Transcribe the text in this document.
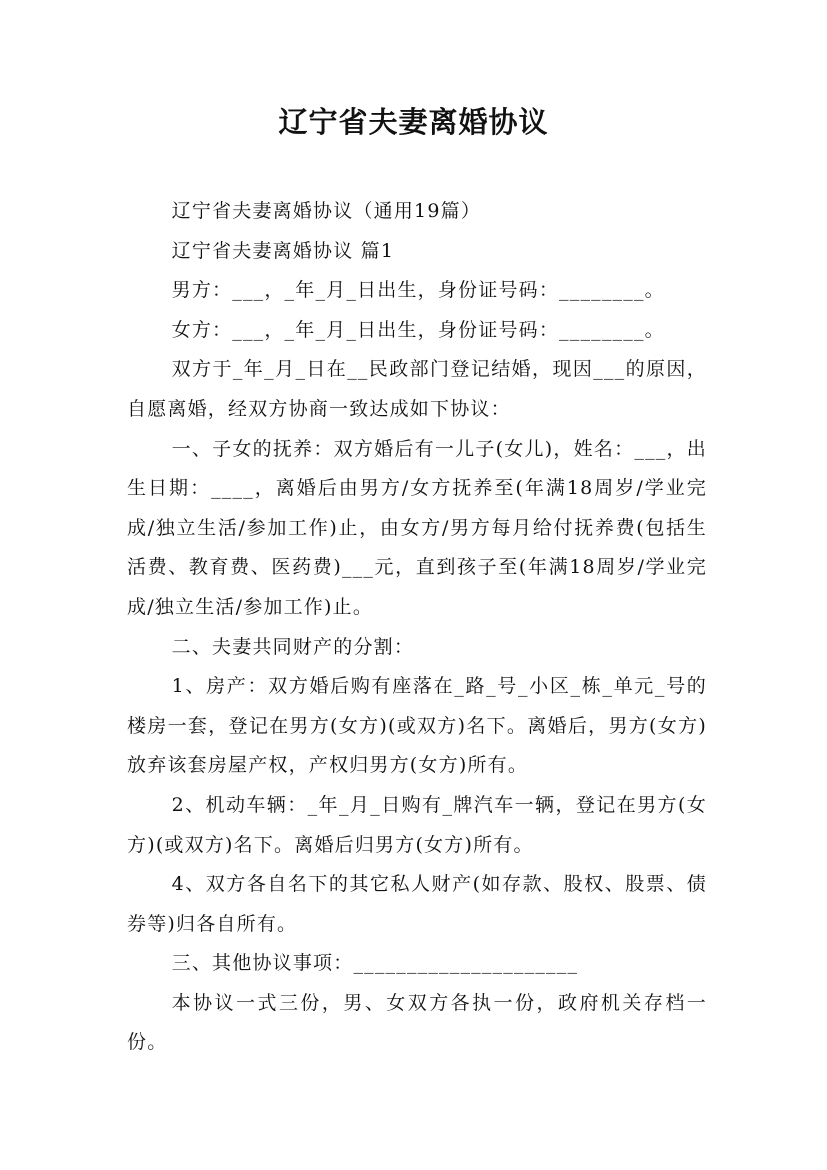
辽宁省夫妻离婚协议

辽宁省夫妻离婚协议（通用19篇）

辽宁省夫妻离婚协议 篇1

男方：___，_年_月_日出生，身份证号码：________。

女方：___，_年_月_日出生，身份证号码：________。

双方于_年_月_日在__民政部门登记结婚，现因___的原因，自愿离婚，经双方协商一致达成如下协议：

一、子女的抚养：双方婚后有一儿子(女儿)，姓名：___，出生日期：____，离婚后由男方/女方抚养至(年满18周岁/学业完成/独立生活/参加工作)止，由女方/男方每月给付抚养费(包括生活费、教育费、医药费)___元，直到孩子至(年满18周岁/学业完成/独立生活/参加工作)止。

二、夫妻共同财产的分割：

1、房产：双方婚后购有座落在_路_号_小区_栋_单元_号的楼房一套，登记在男方(女方)(或双方)名下。离婚后，男方(女方)放弃该套房屋产权，产权归男方(女方)所有。

2、机动车辆：_年_月_日购有_牌汽车一辆，登记在男方(女方)(或双方)名下。离婚后归男方(女方)所有。

4、双方各自名下的其它私人财产(如存款、股权、股票、债券等)归各自所有。

三、其他协议事项：_____________________

本协议一式三份，男、女双方各执一份，政府机关存档一份。
